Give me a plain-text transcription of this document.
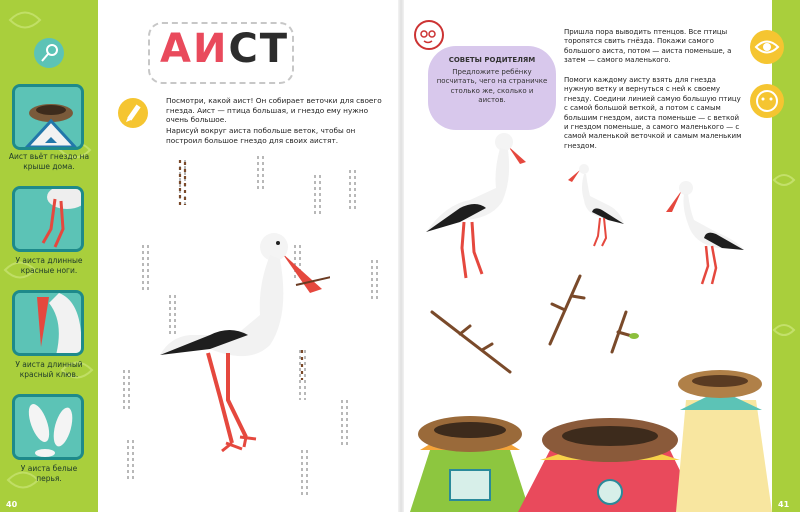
Аист вьёт гнездо на крыше дома.
У аиста длинные красные ноги.
У аиста длинный красный клюв.
У аиста белые перья.
40	41
АИСТ
Посмотри, какой аист! Он собирает веточки для своего гнезда. Аист — птица большая, и гнездо ему нужно очень большое.
Нарисуй вокруг аиста побольше веток, чтобы он построил большое гнездо для своих аистят.
СОВЕТЫ РОДИТЕЛЯМ
Предложите ребёнку посчитать, чего на страничке столько же, сколько и аистов.
Пришла пора выводить птенцов. Все птицы торопятся свить гнёзда. Покажи самого большого аиста, потом — аиста поменьше, а затем — самого маленького.
Помоги каждому аисту взять для гнезда нужную ветку и вернуться с ней к своему гнезду. Соедини линией самую большую птицу с самой большой веткой, а потом с самым большим гнездом, аиста поменьше — с веткой и гнездом поменьше, а самого маленького — с самой маленькой веточкой и самым маленьким гнездом.
